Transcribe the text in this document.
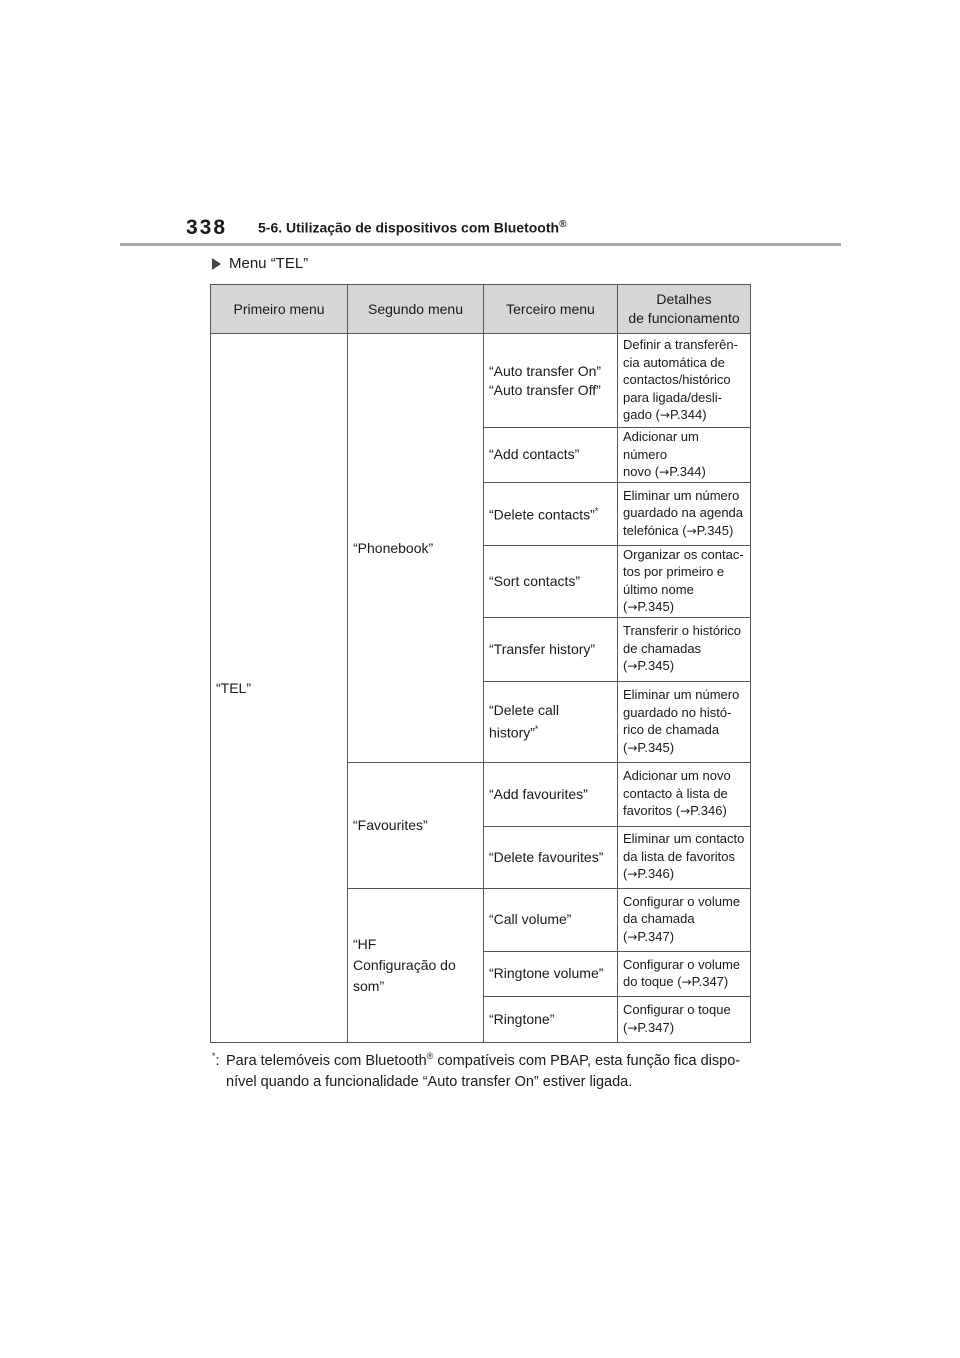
338 5-6. Utilização de dispositivos com Bluetooth®
Menu “TEL”
Primeiro menu	Segundo menu	Terceiro menu	Detalhes
de funcionamento
“TEL”	“Phonebook”	“Auto transfer On”
“Auto transfer Off”	Definir a transferên-
cia automática de
contactos/histórico
para ligada/desli-
gado (→P.344)
		“Add contacts”	Adicionar um número
novo (→P.344)
		“Delete contacts”*	Eliminar um número
guardado na agenda
telefónica (→P.345)
		“Sort contacts”	Organizar os contac-
tos por primeiro e
último nome
(→P.345)
		“Transfer history”	Transferir o histórico
de chamadas
(→P.345)
		“Delete call history”*	Eliminar um número
guardado no histó-
rico de chamada
(→P.345)
	“Favourites”	“Add favourites”	Adicionar um novo
contacto à lista de
favoritos (→P.346)
		“Delete favourites”	Eliminar um contacto
da lista de favoritos
(→P.346)
	“HF Configuração do som”	“Call volume”	Configurar o volume
da chamada
(→P.347)
		“Ringtone volume”	Configurar o volume
do toque (→P.347)
		“Ringtone”	Configurar o toque
(→P.347)
*: Para telemóveis com Bluetooth® compatíveis com PBAP, esta função fica dispo-
nível quando a funcionalidade “Auto transfer On” estiver ligada.
